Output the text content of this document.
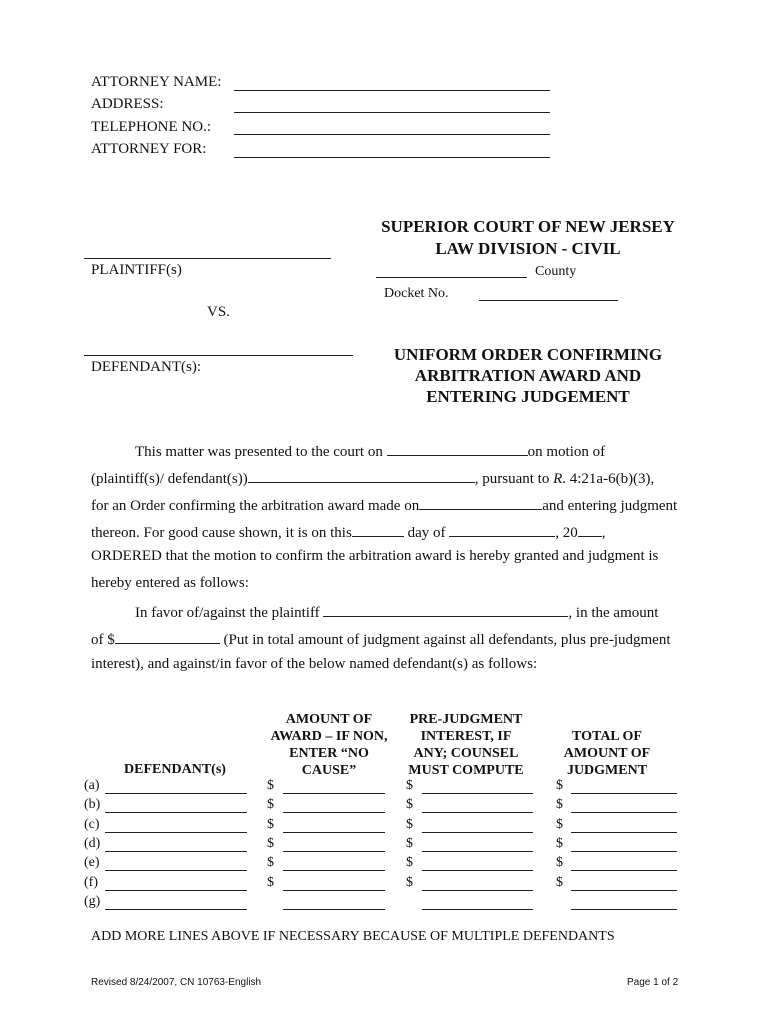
ATTORNEY NAME:
ADDRESS:
TELEPHONE NO.:
ATTORNEY FOR:
SUPERIOR COURT OF NEW JERSEY
LAW DIVISION - CIVIL
PLAINTIFF(s)	County
Docket No.
VS.
DEFENDANT(s):
UNIFORM ORDER CONFIRMING
ARBITRATION AWARD AND
ENTERING JUDGEMENT
This matter was presented to the court on	on motion of
(plaintiff(s)/ defendant(s))	, pursuant to R. 4:21a-6(b)(3),
for an Order confirming the arbitration award made on	and entering judgment
thereon. For good cause shown, it is on this	day of	, 20 ,
ORDERED that the motion to confirm the arbitration award is hereby granted and judgment is
hereby entered as follows:
In favor of/against the plaintiff	, in the amount
of $	(Put in total amount of judgment against all defendants, plus pre-judgment
interest), and against/in favor of the below named defendant(s) as follows:
DEFENDANT(s)
AMOUNT OF
AWARD – IF NON,
ENTER “NO
CAUSE”
PRE-JUDGMENT
INTEREST, IF
ANY; COUNSEL
MUST COMPUTE
TOTAL OF
AMOUNT OF
JUDGMENT
(a)	$	$	$
(b)	$	$	$
(c)	$	$	$
(d)	$	$	$
(e)	$	$	$
(f)	$	$	$
(g)
ADD MORE LINES ABOVE IF NECESSARY BECAUSE OF MULTIPLE DEFENDANTS
Revised 8/24/2007, CN 10763-English	Page 1 of 2
